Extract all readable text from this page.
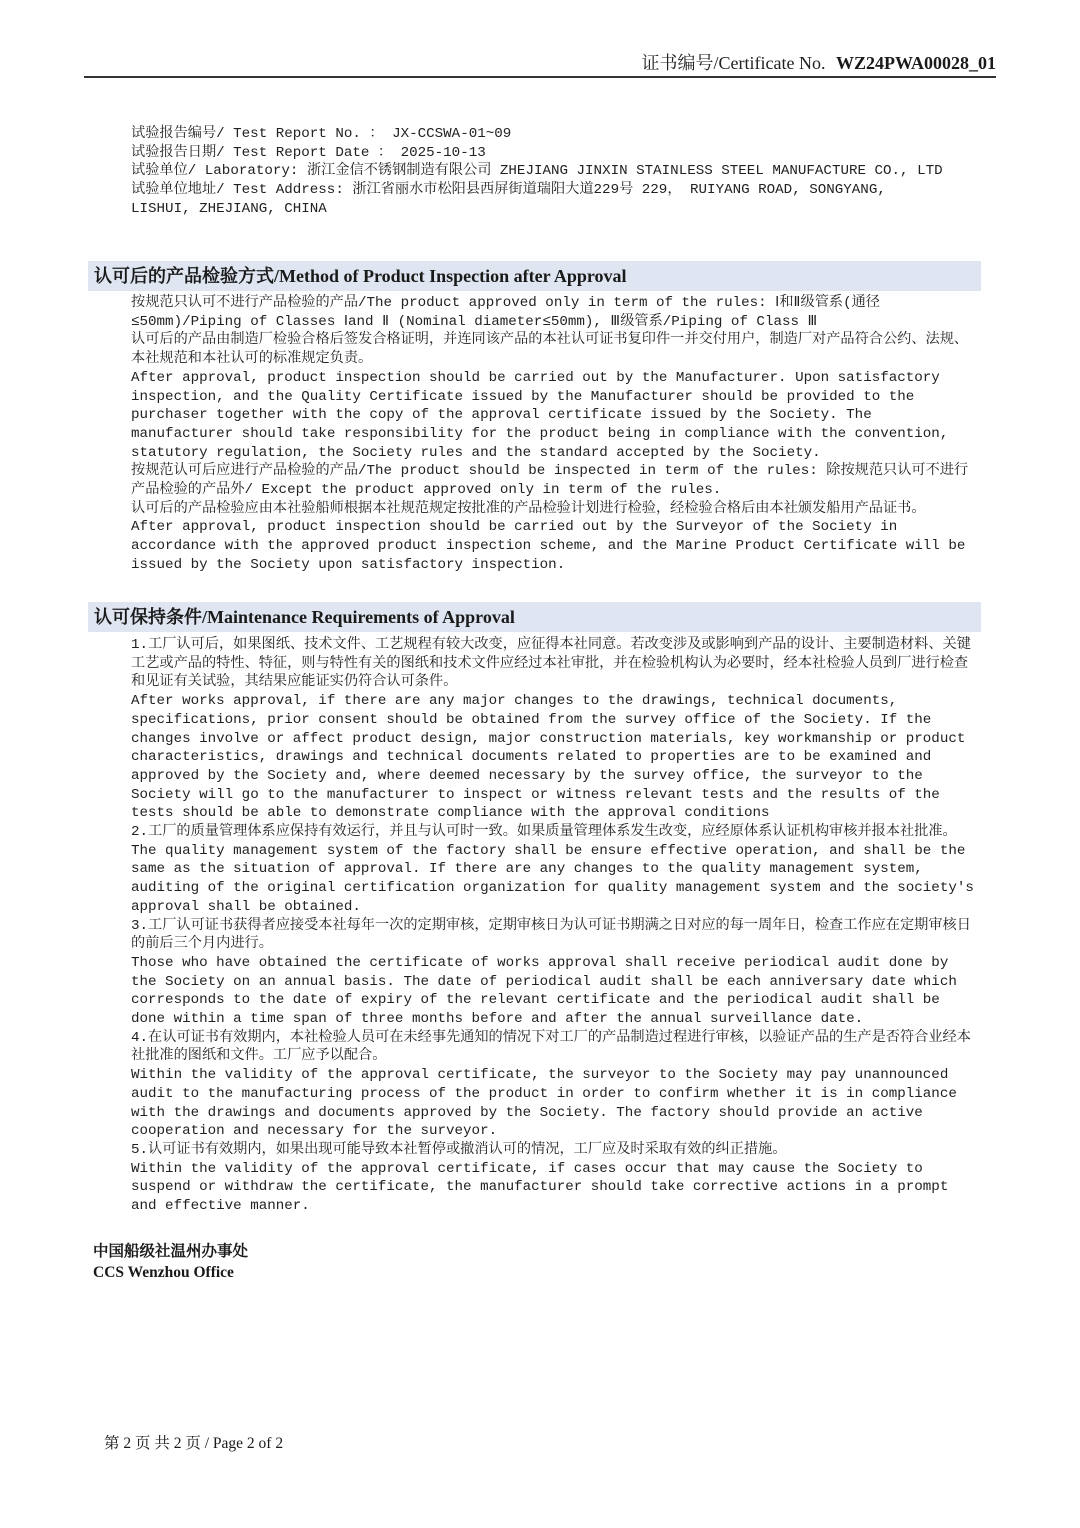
证书编号/Certificate No. WZ24PWA00028_01
试验报告编号/ Test Report No. ： JX-CCSWA-01~09
试验报告日期/ Test Report Date ： 2025-10-13
试验单位/ Laboratory: 浙江金信不锈钢制造有限公司 ZHEJIANG JINXIN STAINLESS STEEL MANUFACTURE CO., LTD
试验单位地址/ Test Address: 浙江省丽水市松阳县西屏街道瑞阳大道229号 229， RUIYANG ROAD, SONGYANG,
LISHUI, ZHEJIANG, CHINA
认可后的产品检验方式/Method of Product Inspection after Approval

按规范只认可不进行产品检验的产品/The product approved only in term of the rules: Ⅰ和Ⅱ级管系(通径≤50mm)/Piping of Classes Ⅰand Ⅱ (Nominal diameter≤50mm), Ⅲ级管系/Piping of Class Ⅲ

认可后的产品由制造厂检验合格后签发合格证明，并连同该产品的本社认可证书复印件一并交付用户，制造厂对产品符合公约、法规、本社规范和本社认可的标准规定负责。

After approval, product inspection should be carried out by the Manufacturer. Upon satisfactory inspection, and the Quality Certificate issued by the Manufacturer should be provided to the purchaser together with the copy of the approval certificate issued by the Society. The manufacturer should take responsibility for the product being in compliance with the convention, statutory regulation, the Society rules and the standard accepted by the Society.

按规范认可后应进行产品检验的产品/The product should be inspected in term of the rules: 除按规范只认可不进行产品检验的产品外/ Except the product approved only in term of the rules.

认可后的产品检验应由本社验船师根据本社规范规定按批准的产品检验计划进行检验，经检验合格后由本社颁发船用产品证书。

After approval, product inspection should be carried out by the Surveyor of the Society in accordance with the approved product inspection scheme, and the Marine Product Certificate will be issued by the Society upon satisfactory inspection.

认可保持条件/Maintenance Requirements of Approval

1.工厂认可后，如果图纸、技术文件、工艺规程有较大改变，应征得本社同意。若改变涉及或影响到产品的设计、主要制造材料、关键工艺或产品的特性、特征，则与特性有关的图纸和技术文件应经过本社审批，并在检验机构认为必要时，经本社检验人员到厂进行检查和见证有关试验，其结果应能证实仍符合认可条件。

After works approval, if there are any major changes to the drawings, technical documents, specifications, prior consent should be obtained from the survey office of the Society. If the changes involve or affect product design, major construction materials, key workmanship or product characteristics, drawings and technical documents related to properties are to be examined and approved by the Society and, where deemed necessary by the survey office, the surveyor to the Society will go to the manufacturer to inspect or witness relevant tests and the results of the tests should be able to demonstrate compliance with the approval conditions

2.工厂的质量管理体系应保持有效运行，并且与认可时一致。如果质量管理体系发生改变，应经原体系认证机构审核并报本社批准。

The quality management system of the factory shall be ensure effective operation, and shall be the same as the situation of approval. If there are any changes to the quality management system, auditing of the original certification organization for quality management system and the society's approval shall be obtained.

3.工厂认可证书获得者应接受本社每年一次的定期审核，定期审核日为认可证书期满之日对应的每一周年日，检查工作应在定期审核日的前后三个月内进行。

Those who have obtained the certificate of works approval shall receive periodical audit done by the Society on an annual basis. The date of periodical audit shall be each anniversary date which corresponds to the date of expiry of the relevant certificate and the periodical audit shall be done within a time span of three months before and after the annual surveillance date.

4.在认可证书有效期内，本社检验人员可在未经事先通知的情况下对工厂的产品制造过程进行审核，以验证产品的生产是否符合业经本社批准的图纸和文件。工厂应予以配合。

Within the validity of the approval certificate, the surveyor to the Society may pay unannounced audit to the manufacturing process of the product in order to confirm whether it is in compliance with the drawings and documents approved by the Society. The factory should provide an active cooperation and necessary for the surveyor.

5.认可证书有效期内，如果出现可能导致本社暂停或撤消认可的情况，工厂应及时采取有效的纠正措施。

Within the validity of the approval certificate, if cases occur that may cause the Society to suspend or withdraw the certificate, the manufacturer should take corrective actions in a prompt and effective manner.

中国船级社温州办事处
CCS Wenzhou Office
第 2 页 共 2 页 / Page 2 of 2
